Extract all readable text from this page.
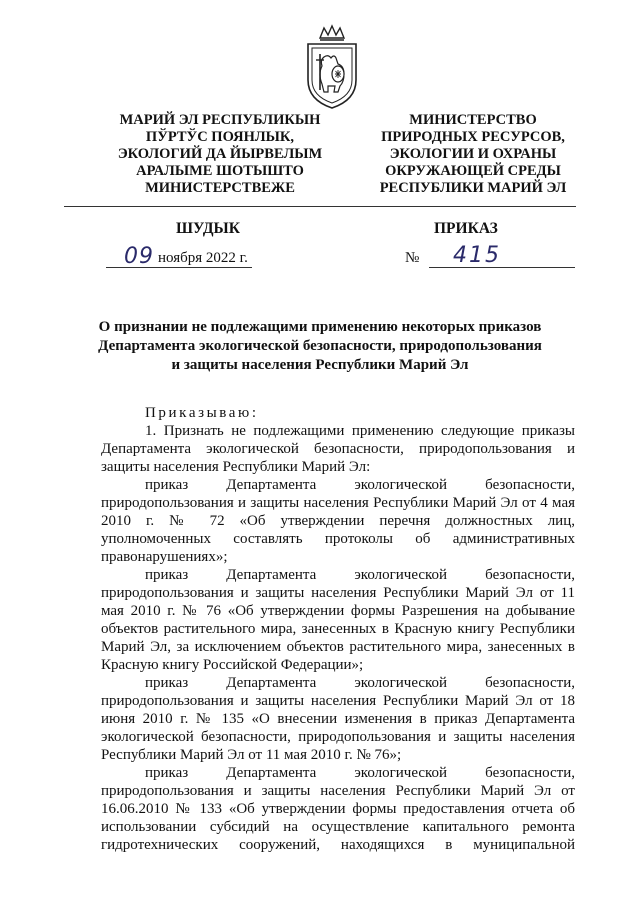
МАРИЙ ЭЛ РЕСПУБЛИКЫН
ПЎРТЎС ПОЯНЛЫК,
ЭКОЛОГИЙ ДА ЙЫРВЕЛЫМ
АРАЛЫМЕ ШОТЫШТО
МИНИСТЕРСТВЕЖЕ
МИНИСТЕРСТВО
ПРИРОДНЫХ РЕСУРСОВ,
ЭКОЛОГИИ И ОХРАНЫ
ОКРУЖАЮЩЕЙ СРЕДЫ
РЕСПУБЛИКИ МАРИЙ ЭЛ
ШУДЫК	ПРИКАЗ
09 ноября 2022 г.	№ 415
О признании не подлежащими применению некоторых приказов
Департамента экологической безопасности, природопользования
и защиты населения Республики Марий Эл

Приказываю:

1. Признать не подлежащими применению следующие приказы Департамента экологической безопасности, природопользования и защиты населения Республики Марий Эл:

приказ Департамента экологической безопасности, природопользования и защиты населения Республики Марий Эл от 4 мая 2010 г. № 72 «Об утверждении перечня должностных лиц, уполномоченных составлять протоколы об административных правонарушениях»;

приказ Департамента экологической безопасности, природопользования и защиты населения Республики Марий Эл от 11 мая 2010 г. № 76 «Об утверждении формы Разрешения на добывание объектов растительного мира, занесенных в Красную книгу Республики Марий Эл, за исключением объектов растительного мира, занесенных в Красную книгу Российской Федерации»;

приказ Департамента экологической безопасности, природопользования и защиты населения Республики Марий Эл от 18 июня 2010 г. № 135 «О внесении изменения в приказ Департамента экологической безопасности, природопользования и защиты населения Республики Марий Эл от 11 мая 2010 г. № 76»;

приказ Департамента экологической безопасности, природопользования и защиты населения Республики Марий Эл от 16.06.2010 № 133 «Об утверждении формы предоставления отчета об использовании субсидий на осуществление капитального ремонта гидротехнических сооружений, находящихся в муниципальной
